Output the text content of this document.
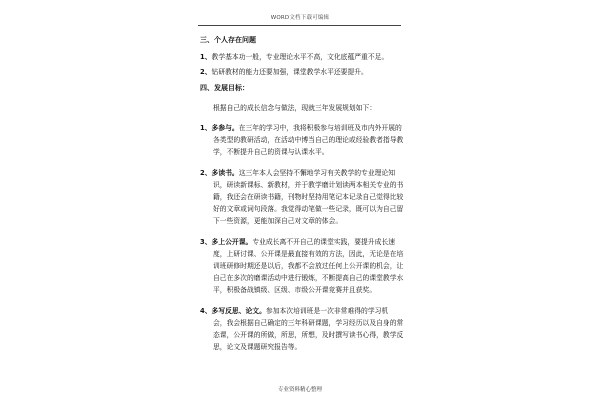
WORD文档下载可编辑
三、个人存在问题
1、教学基本功一般，专业理论水平不高，文化底蕴严重不足。
2、钻研教材的能力还要加强，课堂教学水平还要提升。
四、发展目标：
根据自己的成长信念与做法，现就三年发展规划如下：
1、多参与。在三年的学习中，我将积极参与培训班及市内外开展的
各类型的教研活动，在活动中博当自己的理论或经验教者指导教
学，不断提升自己的资课与认课水平。
2、多读书。这三年本人会坚持不懈地学习有关教学的专业理论知
识，研读新课标、新教材，并于教学磨计划读两本相关专业的书
籍，我还会在研读书籍，刊物时坚持用笔记本记录自己觉得比较
好的文章或词句段落。我觉得动笔做一些记录，既可以为自己留
下一些资源，更能加深自己对文章的体会。
3、多上公开课。专业成长离不开自己的课堂实践，要提升成长速
度，上研讨课、公开课是最直接有效的方法，因此，无论是在培
训班研修时期还是以后，我都不会放过任何上公开课的机会，让
自己在多次的磨课活动中进行锻炼，不断提高自己的课堂教学水
平，积极备战镇级、区级、市级公开课竞赛并且获奖。
4、多写反思、论文。参加本次培训班是一次非常难得的学习机
会，我会根据自己确定的三年科研课题，学习经历以及自身的常
态课，公开课的所做，所思，所想，及时撰写读书心得，教学反
思，论文及课题研究报告等。
专业资料精心整理
